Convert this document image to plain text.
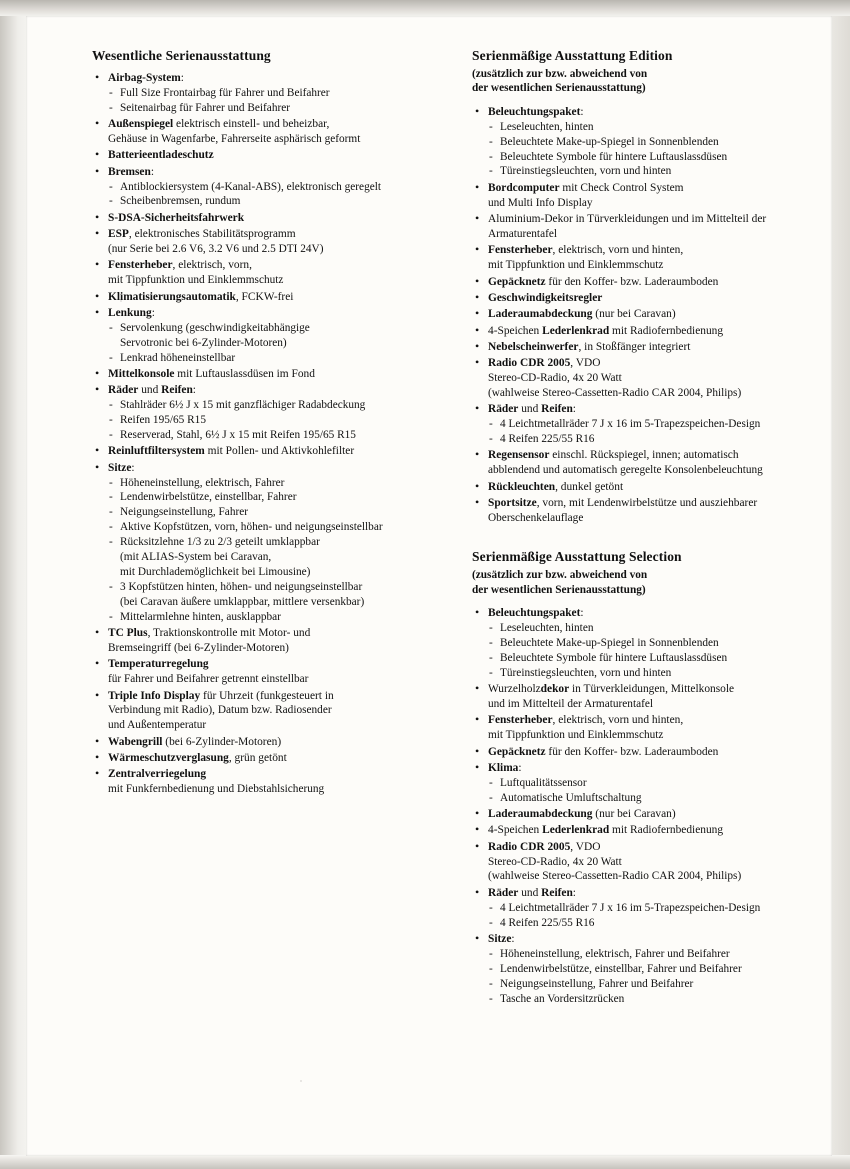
Wesentliche Serienausstattung
• Airbag-System:
- Full Size Frontairbag für Fahrer und Beifahrer
- Seitenairbag für Fahrer und Beifahrer
• Außenspiegel elektrisch einstell- und beheizbar,
Gehäuse in Wagenfarbe, Fahrerseite asphärisch geformt
• Batterieentladeschutz
• Bremsen:
- Antiblockiersystem (4-Kanal-ABS), elektronisch geregelt
- Scheibenbremsen, rundum
• S-DSA-Sicherheitsfahrwerk
• ESP, elektronisches Stabilitätsprogramm
(nur Serie bei 2.6 V6, 3.2 V6 und 2.5 DTI 24V)
• Fensterheber, elektrisch, vorn,
mit Tippfunktion und Einklemmschutz
• Klimatisierungsautomatik, FCKW-frei
• Lenkung:
- Servolenkung (geschwindigkeitabhängige
Servotronic bei 6-Zylinder-Motoren)
- Lenkrad höheneinstellbar
• Mittelkonsole mit Luftauslassdüsen im Fond
• Räder und Reifen:
- Stahlräder 6½ J x 15 mit ganzflächiger Radabdeckung
- Reifen 195/65 R15
- Reserverad, Stahl, 6½ J x 15 mit Reifen 195/65 R15
• Reinluftfiltersystem mit Pollen- und Aktivkohlefilter
• Sitze:
- Höheneinstellung, elektrisch, Fahrer
- Lendenwirbelstütze, einstellbar, Fahrer
- Neigungseinstellung, Fahrer
- Aktive Kopfstützen, vorn, höhen- und neigungseinstellbar
- Rücksitzlehne 1/3 zu 2/3 geteilt umklappbar
(mit ALIAS-System bei Caravan,
mit Durchlademöglichkeit bei Limousine)
- 3 Kopfstützen hinten, höhen- und neigungseinstellbar
(bei Caravan äußere umklappbar, mittlere versenkbar)
- Mittelarmlehne hinten, ausklappbar
• TC Plus, Traktionskontrolle mit Motor- und
Bremseingriff (bei 6-Zylinder-Motoren)
• Temperaturregelung
für Fahrer und Beifahrer getrennt einstellbar
• Triple Info Display für Uhrzeit (funkgesteuert in
Verbindung mit Radio), Datum bzw. Radiosender
und Außentemperatur
• Wabengrill (bei 6-Zylinder-Motoren)
• Wärmeschutzverglasung, grün getönt
• Zentralverriegelung
mit Funkfernbedienung und Diebstahlsicherung
Serienmäßige Ausstattung Edition
(zusätzlich zur bzw. abweichend von
der wesentlichen Serienausstattung)
• Beleuchtungspaket:
- Leseleuchten, hinten
- Beleuchtete Make-up-Spiegel in Sonnenblenden
- Beleuchtete Symbole für hintere Luftauslassdüsen
- Türeinstiegsleuchten, vorn und hinten
• Bordcomputer mit Check Control System
und Multi Info Display
• Aluminium-Dekor in Türverkleidungen und im Mittelteil der
Armaturentafel
• Fensterheber, elektrisch, vorn und hinten,
mit Tippfunktion und Einklemmschutz
• Gepäcknetz für den Koffer- bzw. Laderaumboden
• Geschwindigkeitsregler
• Laderaumabdeckung (nur bei Caravan)
• 4-Speichen Lederlenkrad mit Radiofernbedienung
• Nebelscheinwerfer, in Stoßfänger integriert
• Radio CDR 2005, VDO
Stereo-CD-Radio, 4x 20 Watt
(wahlweise Stereo-Cassetten-Radio CAR 2004, Philips)
• Räder und Reifen:
- 4 Leichtmetallräder 7 J x 16 im 5-Trapezspeichen-Design
- 4 Reifen 225/55 R16
• Regensensor einschl. Rückspiegel, innen; automatisch
abblendend und automatisch geregelte Konsolenbeleuchtung
• Rückleuchten, dunkel getönt
• Sportsitze, vorn, mit Lendenwirbelstütze und ausziehbarer
Oberschenkelauflage
Serienmäßige Ausstattung Selection
(zusätzlich zur bzw. abweichend von
der wesentlichen Serienausstattung)
• Beleuchtungspaket:
- Leseleuchten, hinten
- Beleuchtete Make-up-Spiegel in Sonnenblenden
- Beleuchtete Symbole für hintere Luftauslassdüsen
- Türeinstiegsleuchten, vorn und hinten
• Wurzelholzdekor in Türverkleidungen, Mittelkonsole
und im Mittelteil der Armaturentafel
• Fensterheber, elektrisch, vorn und hinten,
mit Tippfunktion und Einklemmschutz
• Gepäcknetz für den Koffer- bzw. Laderaumboden
• Klima:
- Luftqualitätssensor
- Automatische Umluftschaltung
• Laderaumabdeckung (nur bei Caravan)
• 4-Speichen Lederlenkrad mit Radiofernbedienung
• Radio CDR 2005, VDO
Stereo-CD-Radio, 4x 20 Watt
(wahlweise Stereo-Cassetten-Radio CAR 2004, Philips)
• Räder und Reifen:
- 4 Leichtmetallräder 7 J x 16 im 5-Trapezspeichen-Design
- 4 Reifen 225/55 R16
• Sitze:
- Höheneinstellung, elektrisch, Fahrer und Beifahrer
- Lendenwirbelstütze, einstellbar, Fahrer und Beifahrer
- Neigungseinstellung, Fahrer und Beifahrer
- Tasche an Vordersitzrücken
